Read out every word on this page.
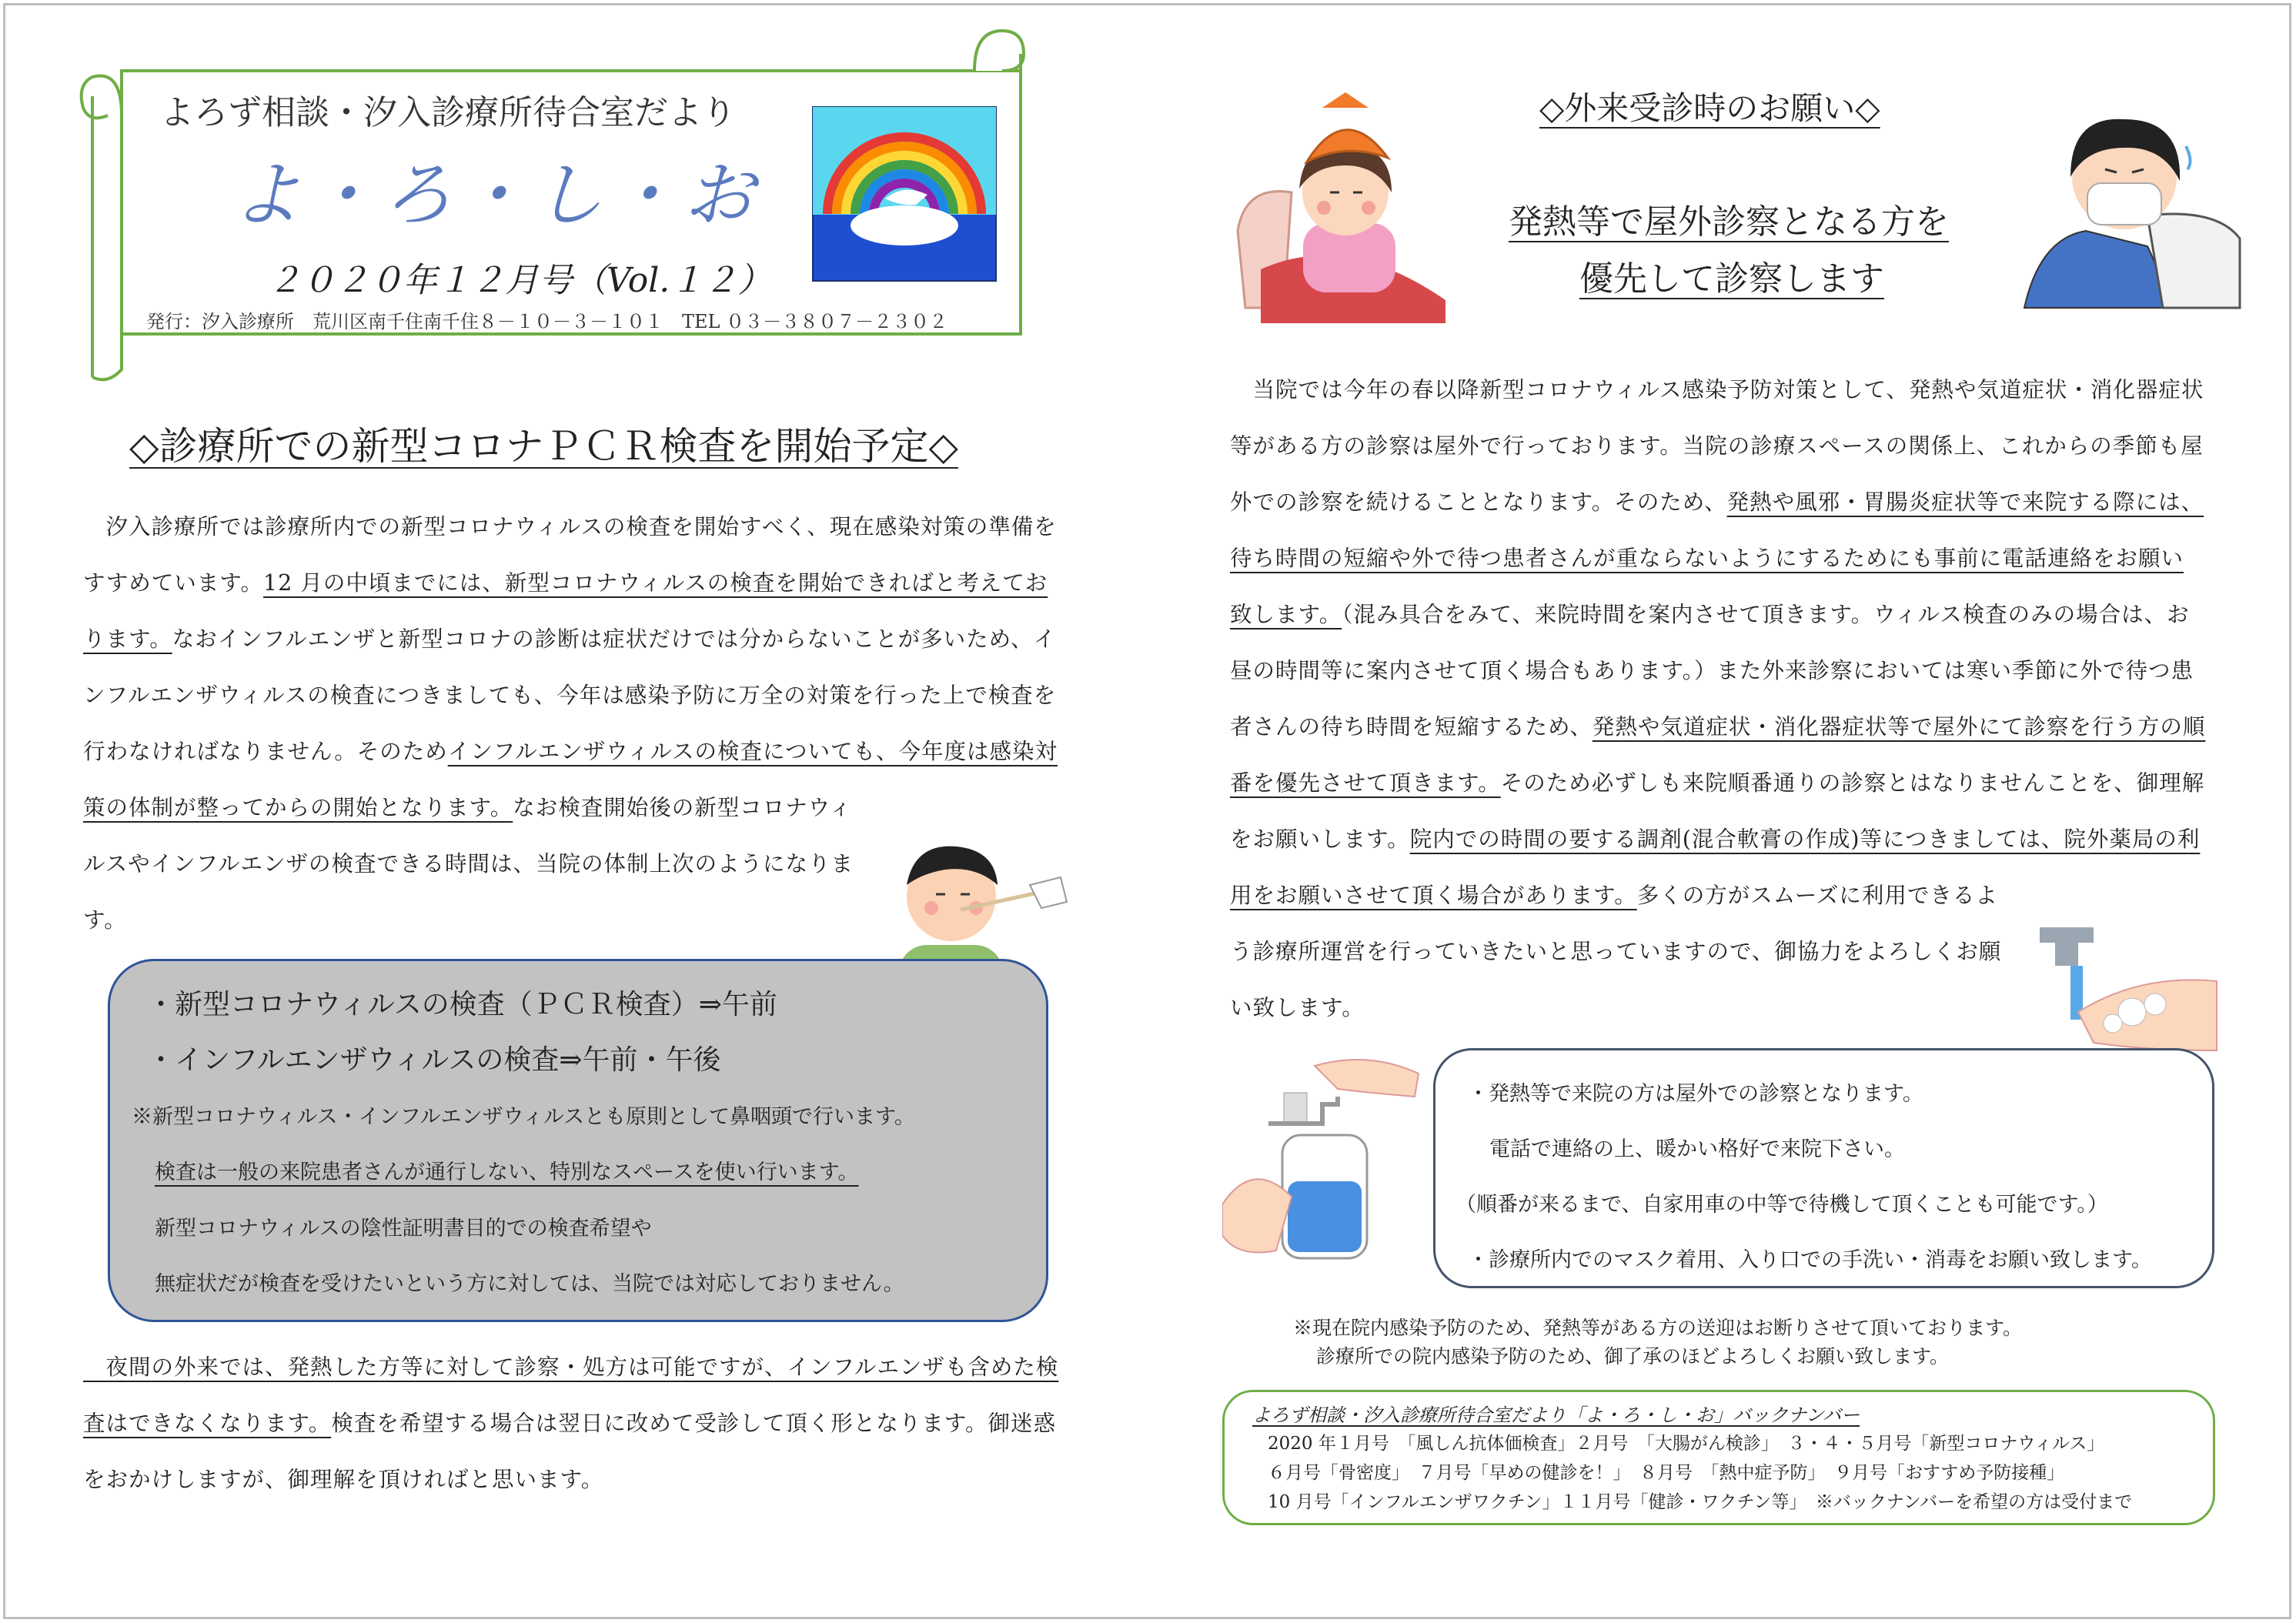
よろず相談・汐入診療所待合室だより
よ・ろ・し・お
２０２０年１２月号（Vol.１２）
発行：汐入診療所　荒川区南千住南千住８－１０－３－１０１　TEL ０３－３８０７－２３０２
◇診療所での新型コロナＰＣＲ検査を開始予定◇

　汐入診療所では診療所内での新型コロナウィルスの検査を開始すべく、現在感染対策の準備を

すすめています。12 月の中頃までには、新型コロナウィルスの検査を開始できればと考えてお

ります。なおインフルエンザと新型コロナの診断は症状だけでは分からないことが多いため、イ

ンフルエンザウィルスの検査につきましても、今年は感染予防に万全の対策を行った上で検査を

行わなければなりません。そのためインフルエンザウィルスの検査についても、今年度は感染対

策の体制が整ってからの開始となります。なお検査開始後の新型コロナウィ

ルスやインフルエンザの検査できる時間は、当院の体制上次のようになりま

す。

・新型コロナウィルスの検査（ＰＣＲ検査）⇒午前
・インフルエンザウィルスの検査⇒午前・午後
※新型コロナウィルス・インフルエンザウィルスとも原則として鼻咽頭で行います。
検査は一般の来院患者さんが通行しない、特別なスペースを使い行います。
新型コロナウィルスの陰性証明書目的での検査希望や
無症状だが検査を受けたいという方に対しては、当院では対応しておりません。

　夜間の外来では、発熱した方等に対して診察・処方は可能ですが、インフルエンザも含めた検

査はできなくなります。検査を希望する場合は翌日に改めて受診して頂く形となります。御迷惑

をおかけしますが、御理解を頂ければと思います。

◇外来受診時のお願い◇
発熱等で屋外診察となる方を
優先して診察します

　当院では今年の春以降新型コロナウィルス感染予防対策として、発熱や気道症状・消化器症状

等がある方の診察は屋外で行っております。当院の診療スペースの関係上、これからの季節も屋

外での診察を続けることとなります。そのため、発熱や風邪・胃腸炎症状等で来院する際には、

待ち時間の短縮や外で待つ患者さんが重ならないようにするためにも事前に電話連絡をお願い

致します。（混み具合をみて、来院時間を案内させて頂きます。ウィルス検査のみの場合は、お

昼の時間等に案内させて頂く場合もあります。）また外来診察においては寒い季節に外で待つ患

者さんの待ち時間を短縮するため、発熱や気道症状・消化器症状等で屋外にて診察を行う方の順

番を優先させて頂きます。そのため必ずしも来院順番通りの診察とはなりませんことを、御理解

をお願いします。院内での時間の要する調剤(混合軟膏の作成)等につきましては、院外薬局の利

用をお願いさせて頂く場合があります。多くの方がスムーズに利用できるよ

う診療所運営を行っていきたいと思っていますので、御協力をよろしくお願

い致します。

・発熱等で来院の方は屋外での診察となります。
電話で連絡の上、暖かい格好で来院下さい。
（順番が来るまで、自家用車の中等で待機して頂くことも可能です。）
・診療所内でのマスク着用、入り口での手洗い・消毒をお願い致します。
※現在院内感染予防のため、発熱等がある方の送迎はお断りさせて頂いております。
診療所での院内感染予防のため、御了承のほどよろしくお願い致します。
よろず相談・汐入診療所待合室だより「よ・ろ・し・お」バックナンバー
2020 年１月号　「風しん抗体価検査」２月号　「大腸がん検診」　３・４・５月号「新型コロナウィルス」
６月号「骨密度」　７月号「早めの健診を！」　８月号　「熱中症予防」　９月号「おすすめ予防接種」
10 月号「インフルエンザワクチン」１１月号「健診・ワクチン等」　※バックナンバーを希望の方は受付まで
